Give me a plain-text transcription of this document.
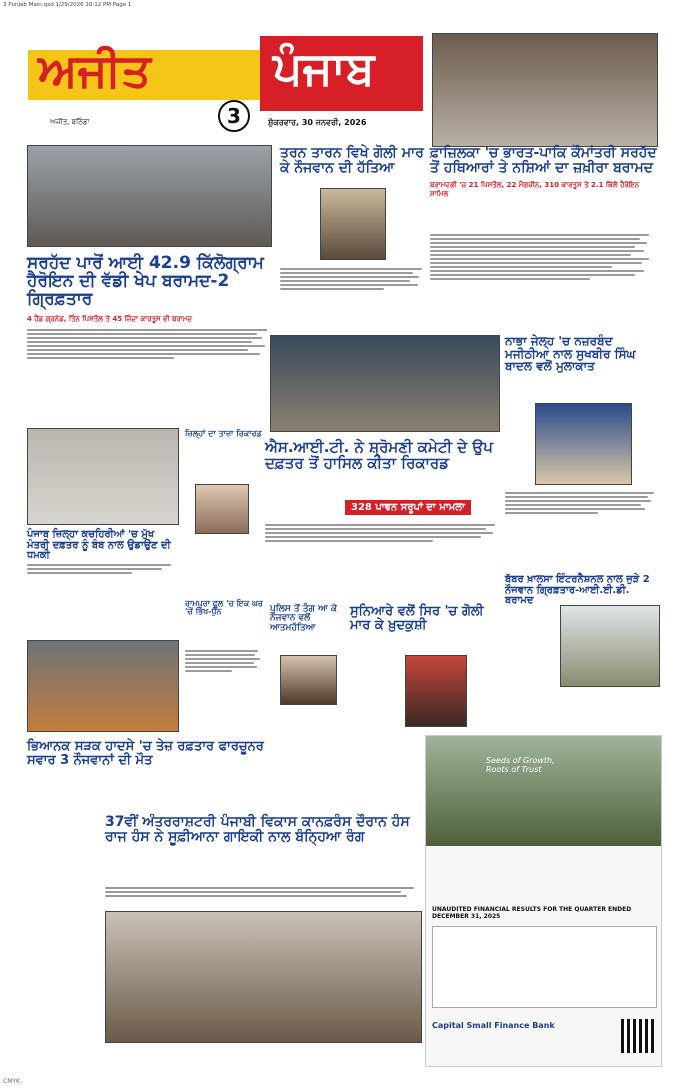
3 Punjab Main.qxd 1/29/2026 10:12 PM Page 1
ਅਜੀਤ	ਪੰਜਾਬ
3
ਅਜੀਤ, ਬਠਿੰਡਾ	ਸ਼ੁੱਕਰਵਾਰ, 30 ਜਨਵਰੀ, 2026
ਫ਼ਾਜ਼ਿਲਕਾ 'ਚ ਭਾਰਤ-ਪਾਕਿ ਕੌਮਾਂਤਰੀ ਸਰਹੱਦ ਤੋਂ ਹਥਿਆਰਾਂ ਤੇ ਨਸ਼ਿਆਂ ਦਾ ਜ਼ਖ਼ੀਰਾ ਬਰਾਮਦ
ਬਰਾਮਦਗੀ 'ਚ 21 ਪਿਸਤੌਲ, 22 ਮੈਗਜ਼ੀਨ, 310 ਕਾਰਤੂਸ ਤੇ 2.1 ਕਿੱਲੋ ਹੈਰੋਇਨ ਸ਼ਾਮਿਲ
ਸਰਹੱਦ ਪਾਰੋਂ ਆਈ 42.9 ਕਿੱਲੋਗ੍ਰਾਮ ਹੈਰੋਇਨ ਦੀ ਵੱਡੀ ਖੇਪ ਬਰਾਮਦ-2 ਗ੍ਰਿਫ਼ਤਾਰ
4 ਹੈਂਡ ਗ੍ਰਨੇਡ, ਤਿੰਨ ਪਿਸਤੌਲ ਤੇ 45 ਜ਼ਿੰਦਾ ਕਾਰਤੂਸ ਵੀ ਬਰਾਮਦ
ਤਰਨ ਤਾਰਨ ਵਿਖੇ ਗੋਲੀ ਮਾਰ ਕੇ ਨੌਜਵਾਨ ਦੀ ਹੱਤਿਆ
ਨਾਭਾ ਜੇਲ੍ਹ 'ਚ ਨਜ਼ਰਬੰਦ ਮਜੀਠੀਆ ਨਾਲ ਸੁਖਬੀਰ ਸਿੰਘ ਬਾਦਲ ਵਲੋਂ ਮੁਲਾਕਾਤ
ਐਸ.ਆਈ.ਟੀ. ਨੇ ਸ਼੍ਰੋਮਣੀ ਕਮੇਟੀ ਦੇ ਉਪ ਦਫ਼ਤਰ ਤੋਂ ਹਾਸਿਲ ਕੀਤਾ ਰਿਕਾਰਡ
328 ਪਾਵਨ ਸਰੂਪਾਂ ਦਾ ਮਾਮਲਾ
ਜ਼ਿਲ੍ਹਾਂ ਦਾ ਤਾਜ਼ਾ ਰਿਕਾਰਡ
ਪੰਜਾਬ ਜ਼ਿਲ੍ਹਾ ਕਚਹਿਰੀਆਂ 'ਚ ਮੁੱਖ ਮੰਤਰੀ ਦਫ਼ਤਰ ਨੂੰ ਬੰਬ ਨਾਲ ਉਡਾਉਣ ਦੀ ਧਮਕੀ
ਰਾਮਪੁਰਾ ਫੂਲ 'ਚ ਇਕ ਘਰ 'ਚੋਂ ਭਿੱਖ-ਧੁੰਨ	ਪੁਲਿਸ ਤੋਂ ਤੰਗ ਆ ਕੇ ਨੌਜਵਾਨ ਵਲੋਂ ਆਤਮਹੱਤਿਆ
ਸੁਨਿਆਰੇ ਵਲੋਂ ਸਿਰ 'ਚ ਗੋਲੀ ਮਾਰ ਕੇ ਖ਼ੁਦਕੁਸ਼ੀ
ਬੱਬਰ ਖ਼ਾਲਸਾ ਇੰਟਰਨੈਸ਼ਨਲ ਨਾਲ ਜੁੜੇ 2 ਨੌਜਵਾਨ ਗ੍ਰਿਫ਼ਤਾਰ-ਆਈ.ਈ.ਡੀ. ਬਰਾਮਦ
ਭਿਆਨਕ ਸੜਕ ਹਾਦਸੇ 'ਚ ਤੇਜ਼ ਰਫ਼ਤਾਰ ਫਾਰਚੂਨਰ ਸਵਾਰ 3 ਨੌਜਵਾਨਾਂ ਦੀ ਮੌਤ	Seeds of Growth, Roots of Trust
UNAUDITED FINANCIAL RESULTS FOR THE QUARTER ENDED DECEMBER 31, 2025
Capital Small Finance Bank
37ਵੀਂ ਅੰਤਰਰਾਸ਼ਟਰੀ ਪੰਜਾਬੀ ਵਿਕਾਸ ਕਾਨਫ਼ਰੰਸ ਦੌਰਾਨ ਹੰਸ ਰਾਜ ਹੰਸ ਨੇ ਸੂਫ਼ੀਆਨਾ ਗਾਇਕੀ ਨਾਲ ਬੰਨ੍ਹਿਆ ਰੰਗ
CMYK
